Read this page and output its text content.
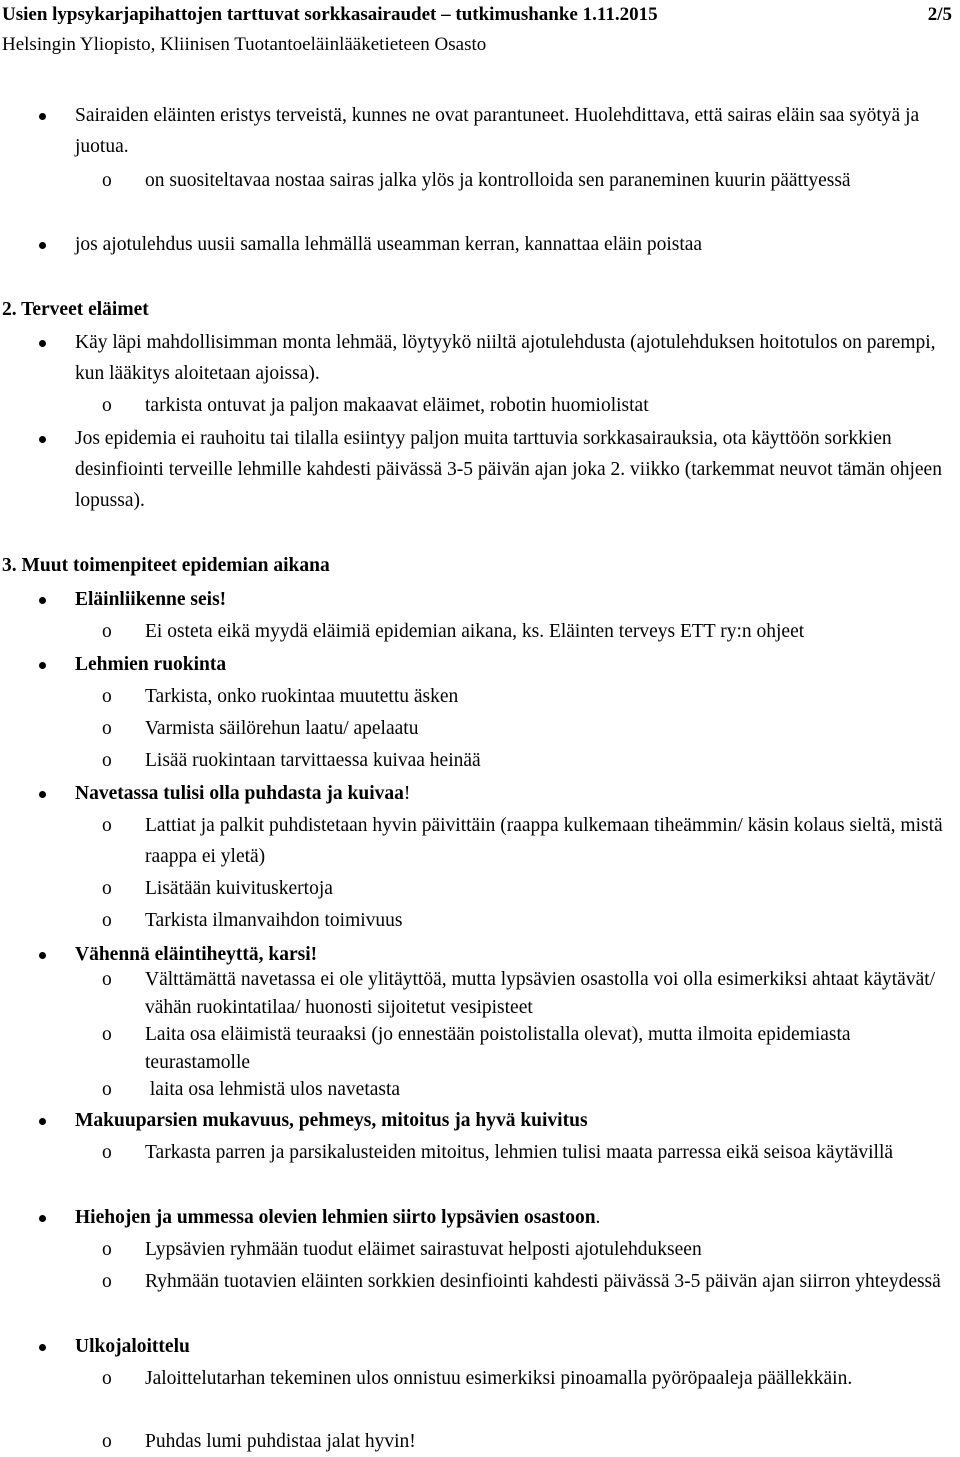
Usien lypsykarjapihattojen tarttuvat sorkkasairaudet – tutkimushanke 1.11.2015	2/5
Helsingin Yliopisto, Kliinisen Tuotantoeläinlääketieteen Osasto
Sairaiden eläinten eristys terveistä, kunnes ne ovat parantuneet. Huolehdittava, että sairas eläin saa syötyä ja juotua.
o on suositeltavaa nostaa sairas jalka ylös ja kontrolloida sen paraneminen kuurin päättyessä
jos ajotulehdus uusii samalla lehmällä useamman kerran, kannattaa eläin poistaa
2. Terveet eläimet
Käy läpi mahdollisimman monta lehmää, löytyykö niiltä ajotulehdusta (ajotulehduksen hoitotulos on parempi, kun lääkitys aloitetaan ajoissa).
o tarkista ontuvat ja paljon makaavat eläimet, robotin huomiolistat
Jos epidemia ei rauhoitu tai tilalla esiintyy paljon muita tarttuvia sorkkasairauksia, ota käyttöön sorkkien desinfiointi terveille lehmille kahdesti päivässä 3-5 päivän ajan joka 2. viikko (tarkemmat neuvot tämän ohjeen lopussa).
3. Muut toimenpiteet epidemian aikana
Eläinliikenne seis!
o Ei osteta eikä myydä eläimiä epidemian aikana, ks. Eläinten terveys ETT ry:n ohjeet
Lehmien ruokinta
o Tarkista, onko ruokintaa muutettu äsken
o Varmista säilörehun laatu/ apelaatu
o Lisää ruokintaan tarvittaessa kuivaa heinää
Navetassa tulisi olla puhdasta ja kuivaa!
o Lattiat ja palkit puhdistetaan hyvin päivittäin (raappa kulkemaan tiheämmin/ käsin kolaus sieltä, mistä raappa ei yletä)
o Lisätään kuivituskertoja
o Tarkista ilmanvaihdon toimivuus
Vähennä eläintiheyttä, karsi!
o Välttämättä navetassa ei ole ylitäyttöä, mutta lypsävien osastolla voi olla esimerkiksi ahtaat käytävät/ vähän ruokintatilaa/ huonosti sijoitetut vesipisteet
o Laita osa eläimistä teuraaksi (jo ennestään poistolistalla olevat), mutta ilmoita epidemiasta teurastamolle
o laita osa lehmistä ulos navetasta
Makuuparsien mukavuus, pehmeys, mitoitus ja hyvä kuivitus
o Tarkasta parren ja parsikalusteiden mitoitus, lehmien tulisi maata parressa eikä seisoa käytävillä
Hiehojen ja ummessa olevien lehmien siirto lypsävien osastoon.
o Lypsävien ryhmään tuodut eläimet sairastuvat helposti ajotulehdukseen
o Ryhmään tuotavien eläinten sorkkien desinfiointi kahdesti päivässä 3-5 päivän ajan siirron yhteydessä
Ulkojaloittelu
o Jaloittelutarhan tekeminen ulos onnistuu esimerkiksi pinoamalla pyöröpaaleja päällekkäin.
o Puhdas lumi puhdistaa jalat hyvin!
